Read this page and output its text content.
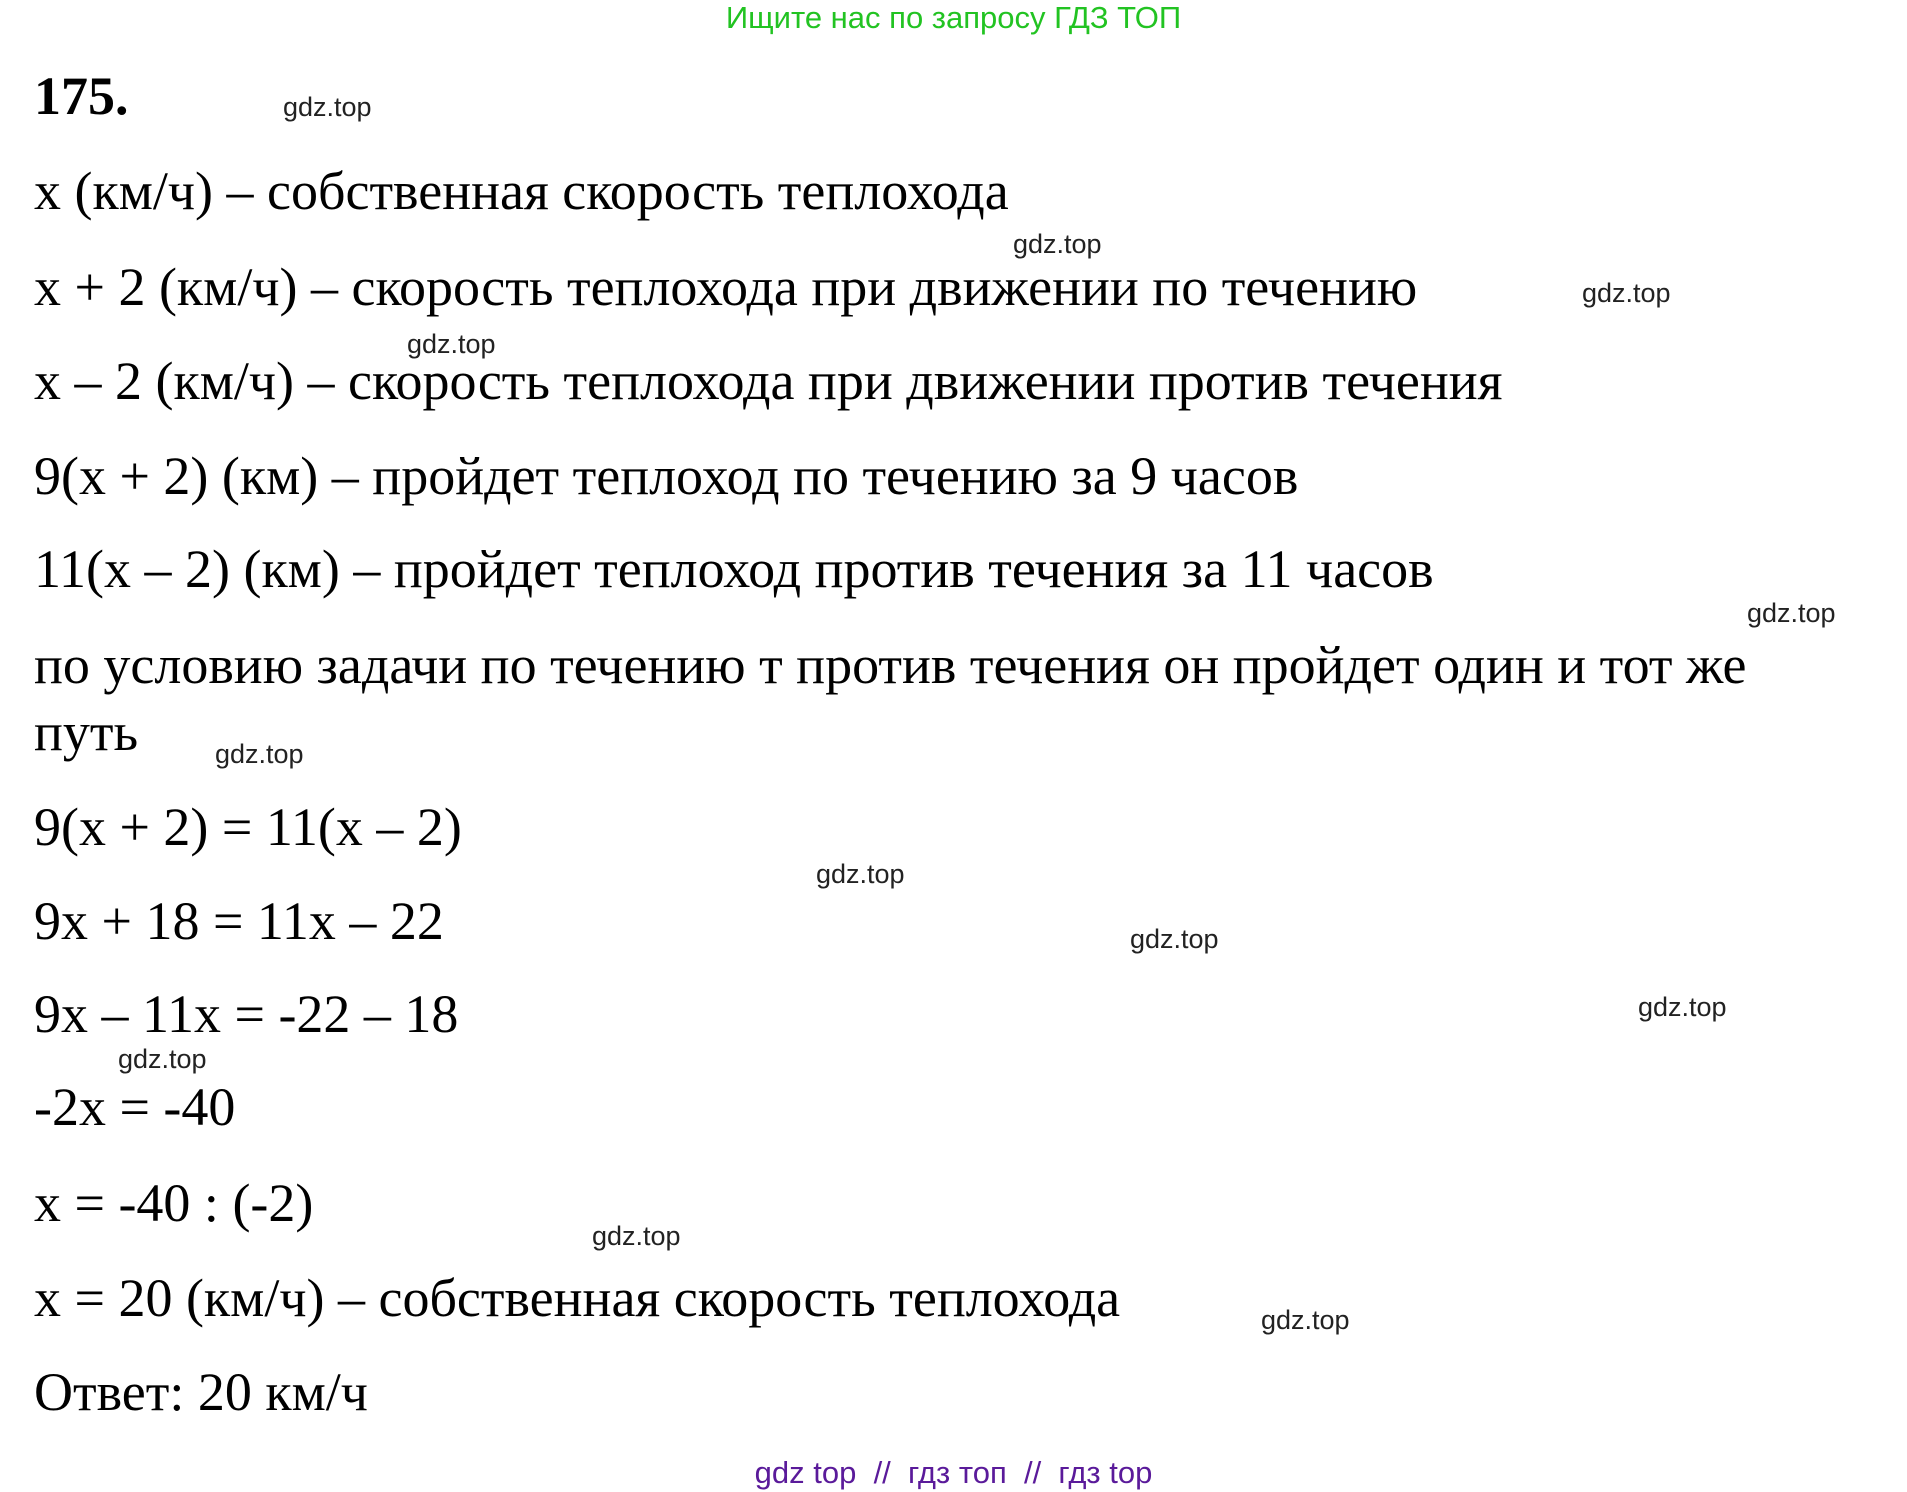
Ищите нас по запросу ГДЗ ТОП
175.
x (км/ч) – собственная скорость теплохода
x + 2 (км/ч) – скорость теплохода при движении по течению
x – 2 (км/ч) – скорость теплохода при движении против течения
9(x + 2) (км) – пройдет теплоход по течению за 9 часов
11(x – 2) (км) – пройдет теплоход против течения за 11 часов
по условию задачи по течению т против течения он пройдет один и тот же
путь
9(x + 2) = 11(x – 2)
9x + 18 = 11x – 22
9x – 11x = -22 – 18
-2x = -40
x = -40 : (-2)
x = 20 (км/ч) – собственная скорость теплохода
Ответ: 20 км/ч
gdz.top
gdz.top
gdz.top
gdz.top
gdz.top
gdz.top
gdz.top
gdz.top
gdz.top
gdz.top
gdz.top
gdz.top
gdz top  //  гдз топ  //  гдз top
